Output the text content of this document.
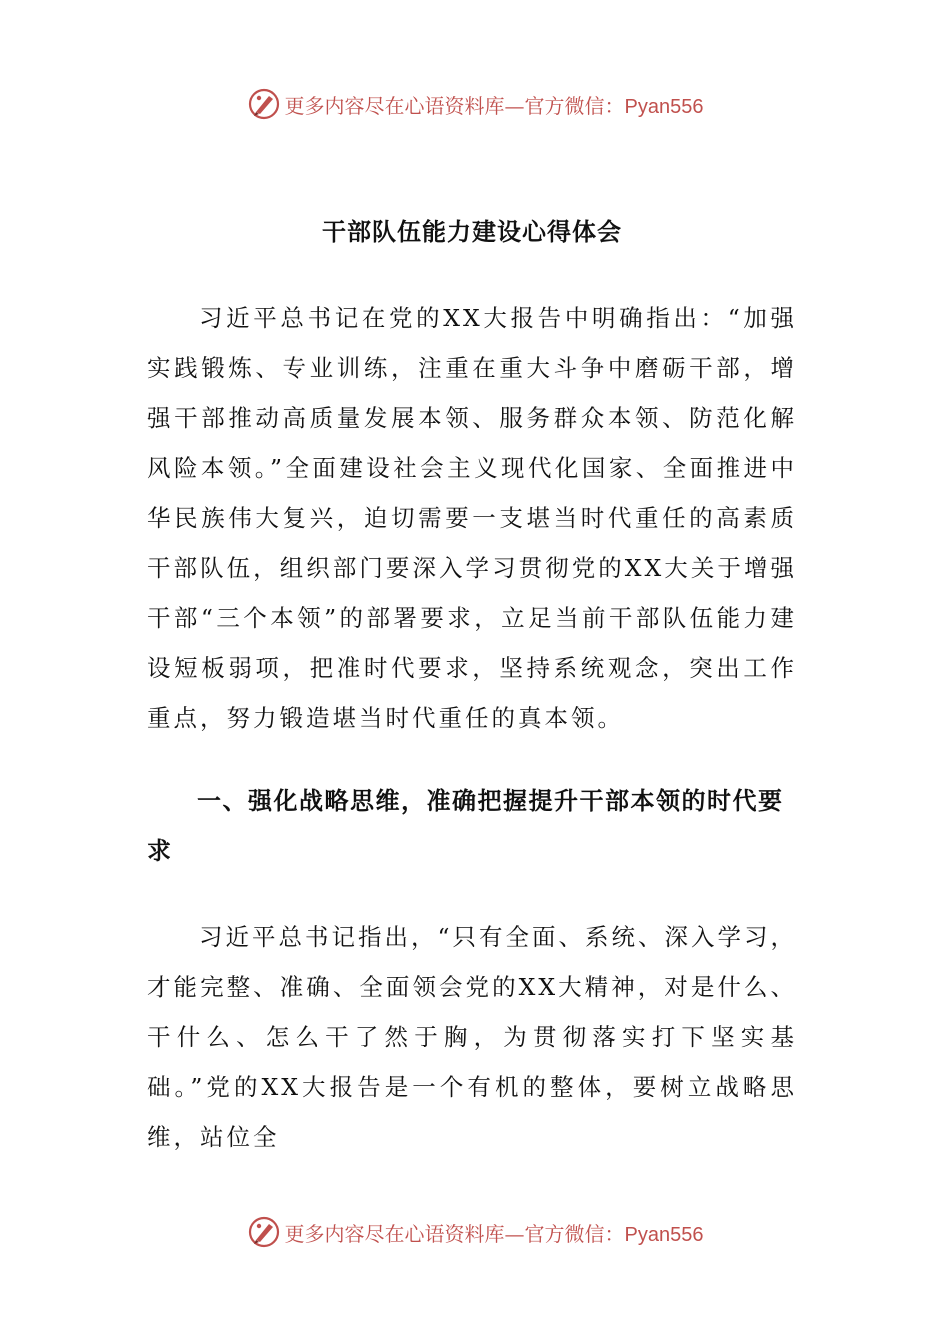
更多内容尽在心语资料库—官方微信：Pyan556
干部队伍能力建设心得体会

习近平总书记在党的XX大报告中明确指出：“加强实践锻炼、专业训练，注重在重大斗争中磨砺干部，增强干部推动高质量发展本领、服务群众本领、防范化解风险本领。”全面建设社会主义现代化国家、全面推进中华民族伟大复兴，迫切需要一支堪当时代重任的高素质干部队伍，组织部门要深入学习贯彻党的XX大关于增强干部“三个本领”的部署要求，立足当前干部队伍能力建设短板弱项，把准时代要求，坚持系统观念，突出工作重点，努力锻造堪当时代重任的真本领。

一、强化战略思维，准确把握提升干部本领的时代要求

习近平总书记指出，“只有全面、系统、深入学习，才能完整、准确、全面领会党的XX大精神，对是什么、干什么、怎么干了然于胸，为贯彻落实打下坚实基础。”党的XX大报告是一个有机的整体，要树立战略思维，站位全

更多内容尽在心语资料库—官方微信：Pyan556
